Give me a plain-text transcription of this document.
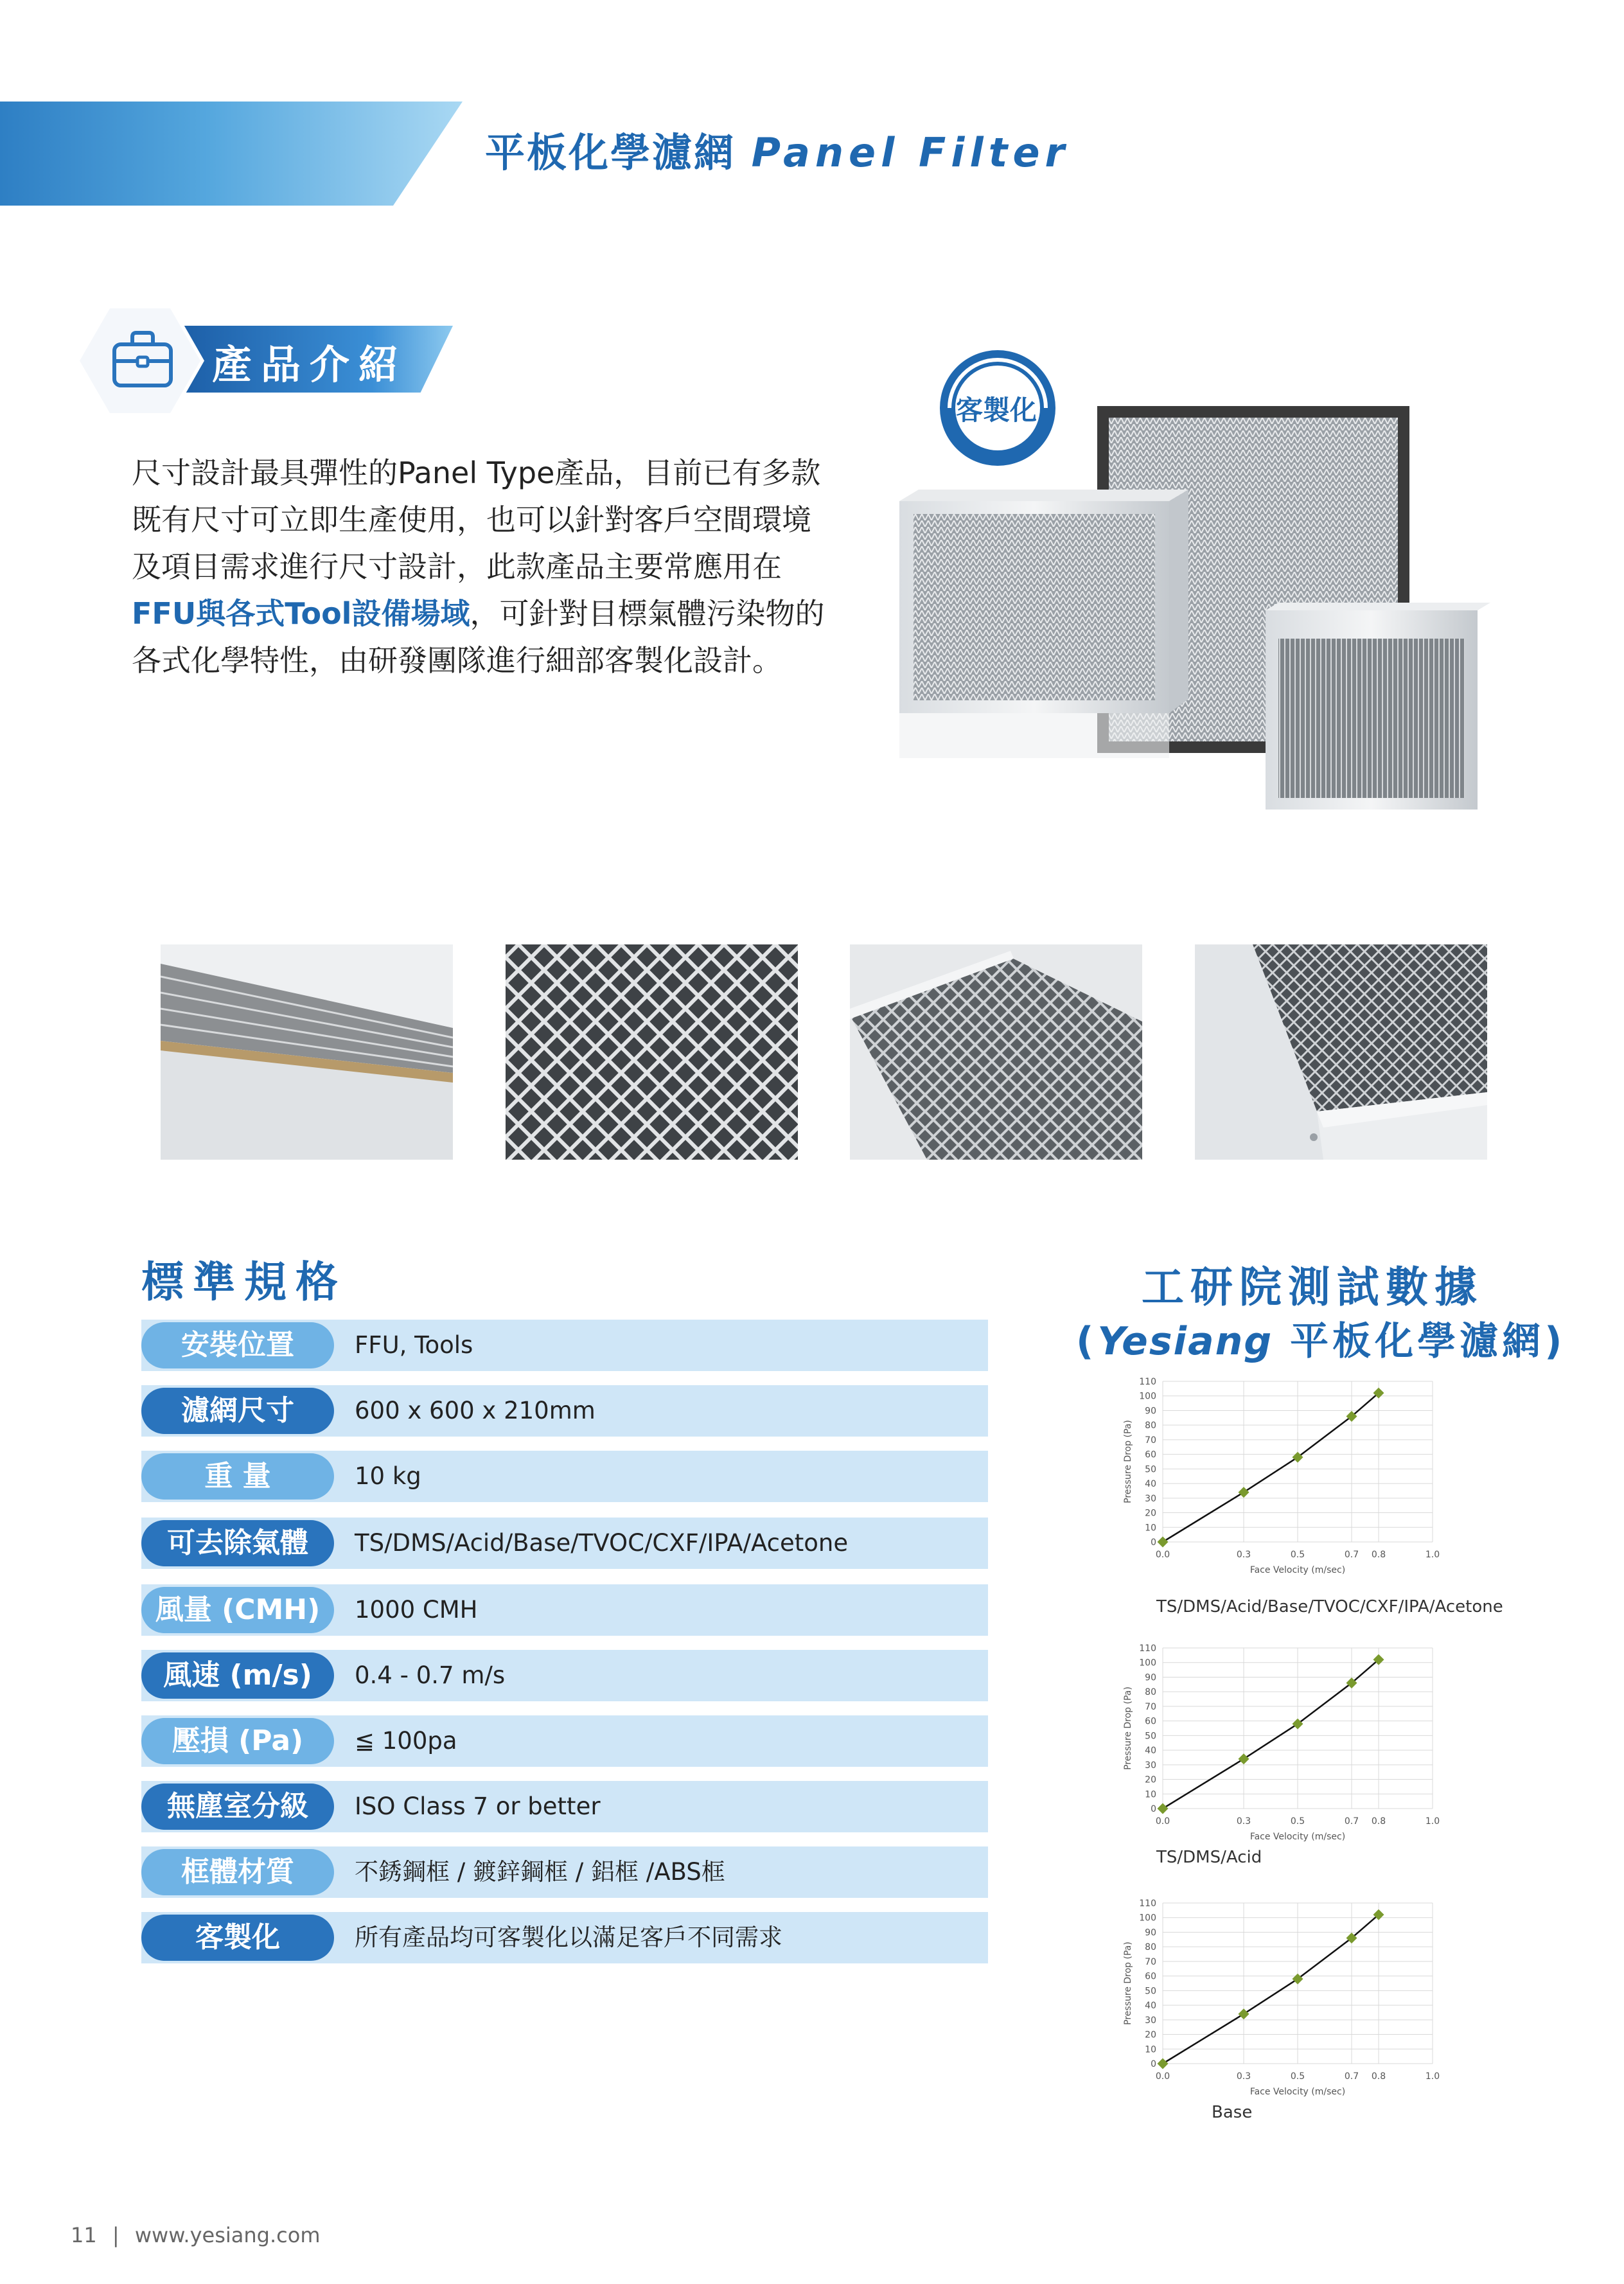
平板化學濾網 Panel Filter
產品介紹
尺寸設計最具彈性的Panel Type產品，目前已有多款
既有尺寸可立即生產使用，也可以針對客戶空間環境
及項目需求進行尺寸設計，此款產品主要常應用在
FFU與各式Tool設備場域，可針對目標氣體污染物的
各式化學特性，由研發團隊進行細部客製化設計。
客製化
標準規格
安裝位置	FFU, Tools
濾網尺寸	600 x 600 x 210mm
重 量	10 kg
可去除氣體	TS/DMS/Acid/Base/TVOC/CXF/IPA/Acetone
風量 (CMH)	1000 CMH
風速 (m/s)	0.4 - 0.7 m/s
壓損 (Pa)	≦ 100pa
無塵室分級	ISO Class 7 or better
框體材質	不銹鋼框 / 鍍鋅鋼框 / 鋁框 /ABS框
客製化	所有產品均可客製化以滿足客戶不同需求
工研院測試數據
(Yesiang 平板化學濾網)
0
10
20
30
40
50
60
70
80
90
100
110
0.0	0.3	0.5	0.7 0.8	1.0
Face Velocity (m/sec)
Pressure Drop (Pa)
TS/DMS/Acid/Base/TVOC/CXF/IPA/Acetone
0
10
20
30
40
50
60
70
80
90
100
110
0.0	0.3	0.5	0.7 0.8	1.0
Face Velocity (m/sec)
Pressure Drop (Pa)
TS/DMS/Acid
0
10
20
30
40
50
60
70
80
90
100
110
0.0	0.3	0.5	0.7 0.8	1.0
Face Velocity (m/sec)
Pressure Drop (Pa)
Base
11 | www.yesiang.com
